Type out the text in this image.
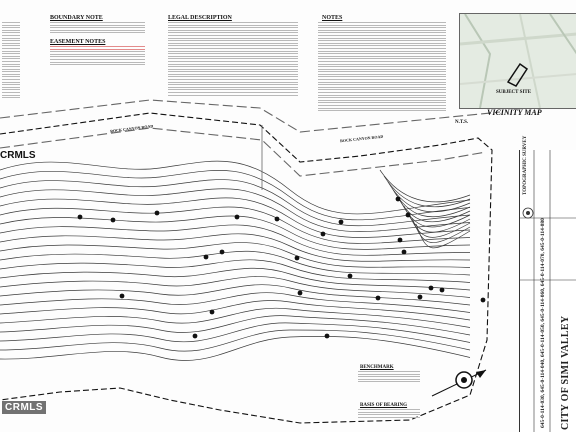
BOUNDARY NOTE
EASEMENT NOTES
LEGAL DESCRIPTION	NOTES
SUBJECT SITE
VICINITY MAP
N.T.S.
ROCK CANYON ROAD
ROCK CANYON ROAD
BENCHMARK
BASIS OF BEARING
TOPOGRAPHIC SURVEY
645-0-114-030, 645-0-114-040, 645-0-114-050, 645-0-114-060, 645-0-114-070, 645-0-114-080 CITY OF SIMI VALLEY
CRMLS
CRMLS
